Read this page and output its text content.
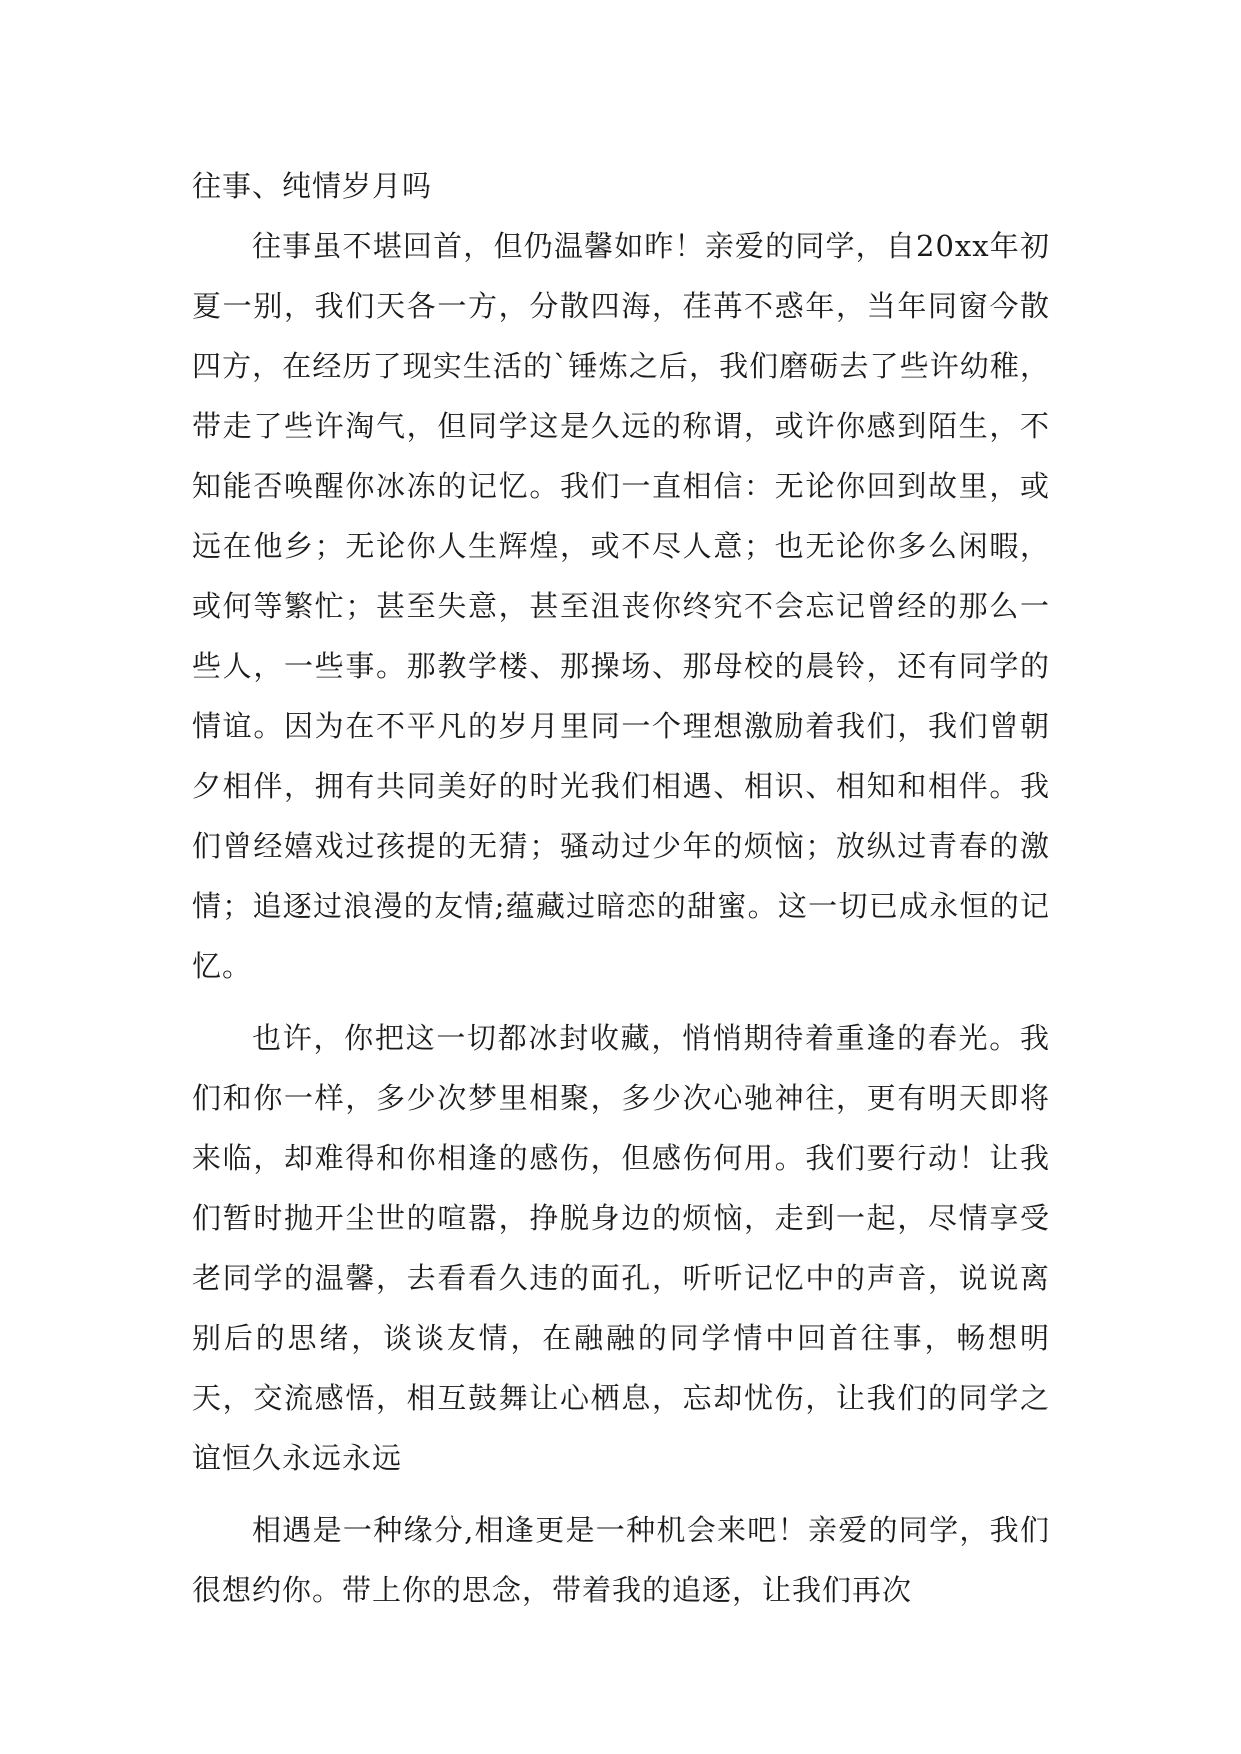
往事、纯情岁月吗

往事虽不堪回首，但仍温馨如昨！亲爱的同学，自20xx年初夏一别，我们天各一方，分散四海，荏苒不惑年，当年同窗今散四方，在经历了现实生活的`锤炼之后，我们磨砺去了些许幼稚，带走了些许淘气，但同学这是久远的称谓，或许你感到陌生，不知能否唤醒你冰冻的记忆。我们一直相信：无论你回到故里，或远在他乡；无论你人生辉煌，或不尽人意；也无论你多么闲暇，或何等繁忙；甚至失意，甚至沮丧你终究不会忘记曾经的那么一些人，一些事。那教学楼、那操场、那母校的晨铃，还有同学的情谊。因为在不平凡的岁月里同一个理想激励着我们，我们曾朝夕相伴，拥有共同美好的时光我们相遇、相识、相知和相伴。我们曾经嬉戏过孩提的无猜；骚动过少年的烦恼；放纵过青春的激情；追逐过浪漫的友情;蕴藏过暗恋的甜蜜。这一切已成永恒的记忆。

也许，你把这一切都冰封收藏，悄悄期待着重逢的春光。我们和你一样，多少次梦里相聚，多少次心驰神往，更有明天即将来临，却难得和你相逢的感伤，但感伤何用。我们要行动！让我们暂时抛开尘世的喧嚣，挣脱身边的烦恼，走到一起，尽情享受老同学的温馨，去看看久违的面孔，听听记忆中的声音，说说离别后的思绪，谈谈友情，在融融的同学情中回首往事，畅想明天，交流感悟，相互鼓舞让心栖息，忘却忧伤，让我们的同学之谊恒久永远永远

相遇是一种缘分,相逢更是一种机会来吧！亲爱的同学，我们很想约你。带上你的思念，带着我的追逐，让我们再次
